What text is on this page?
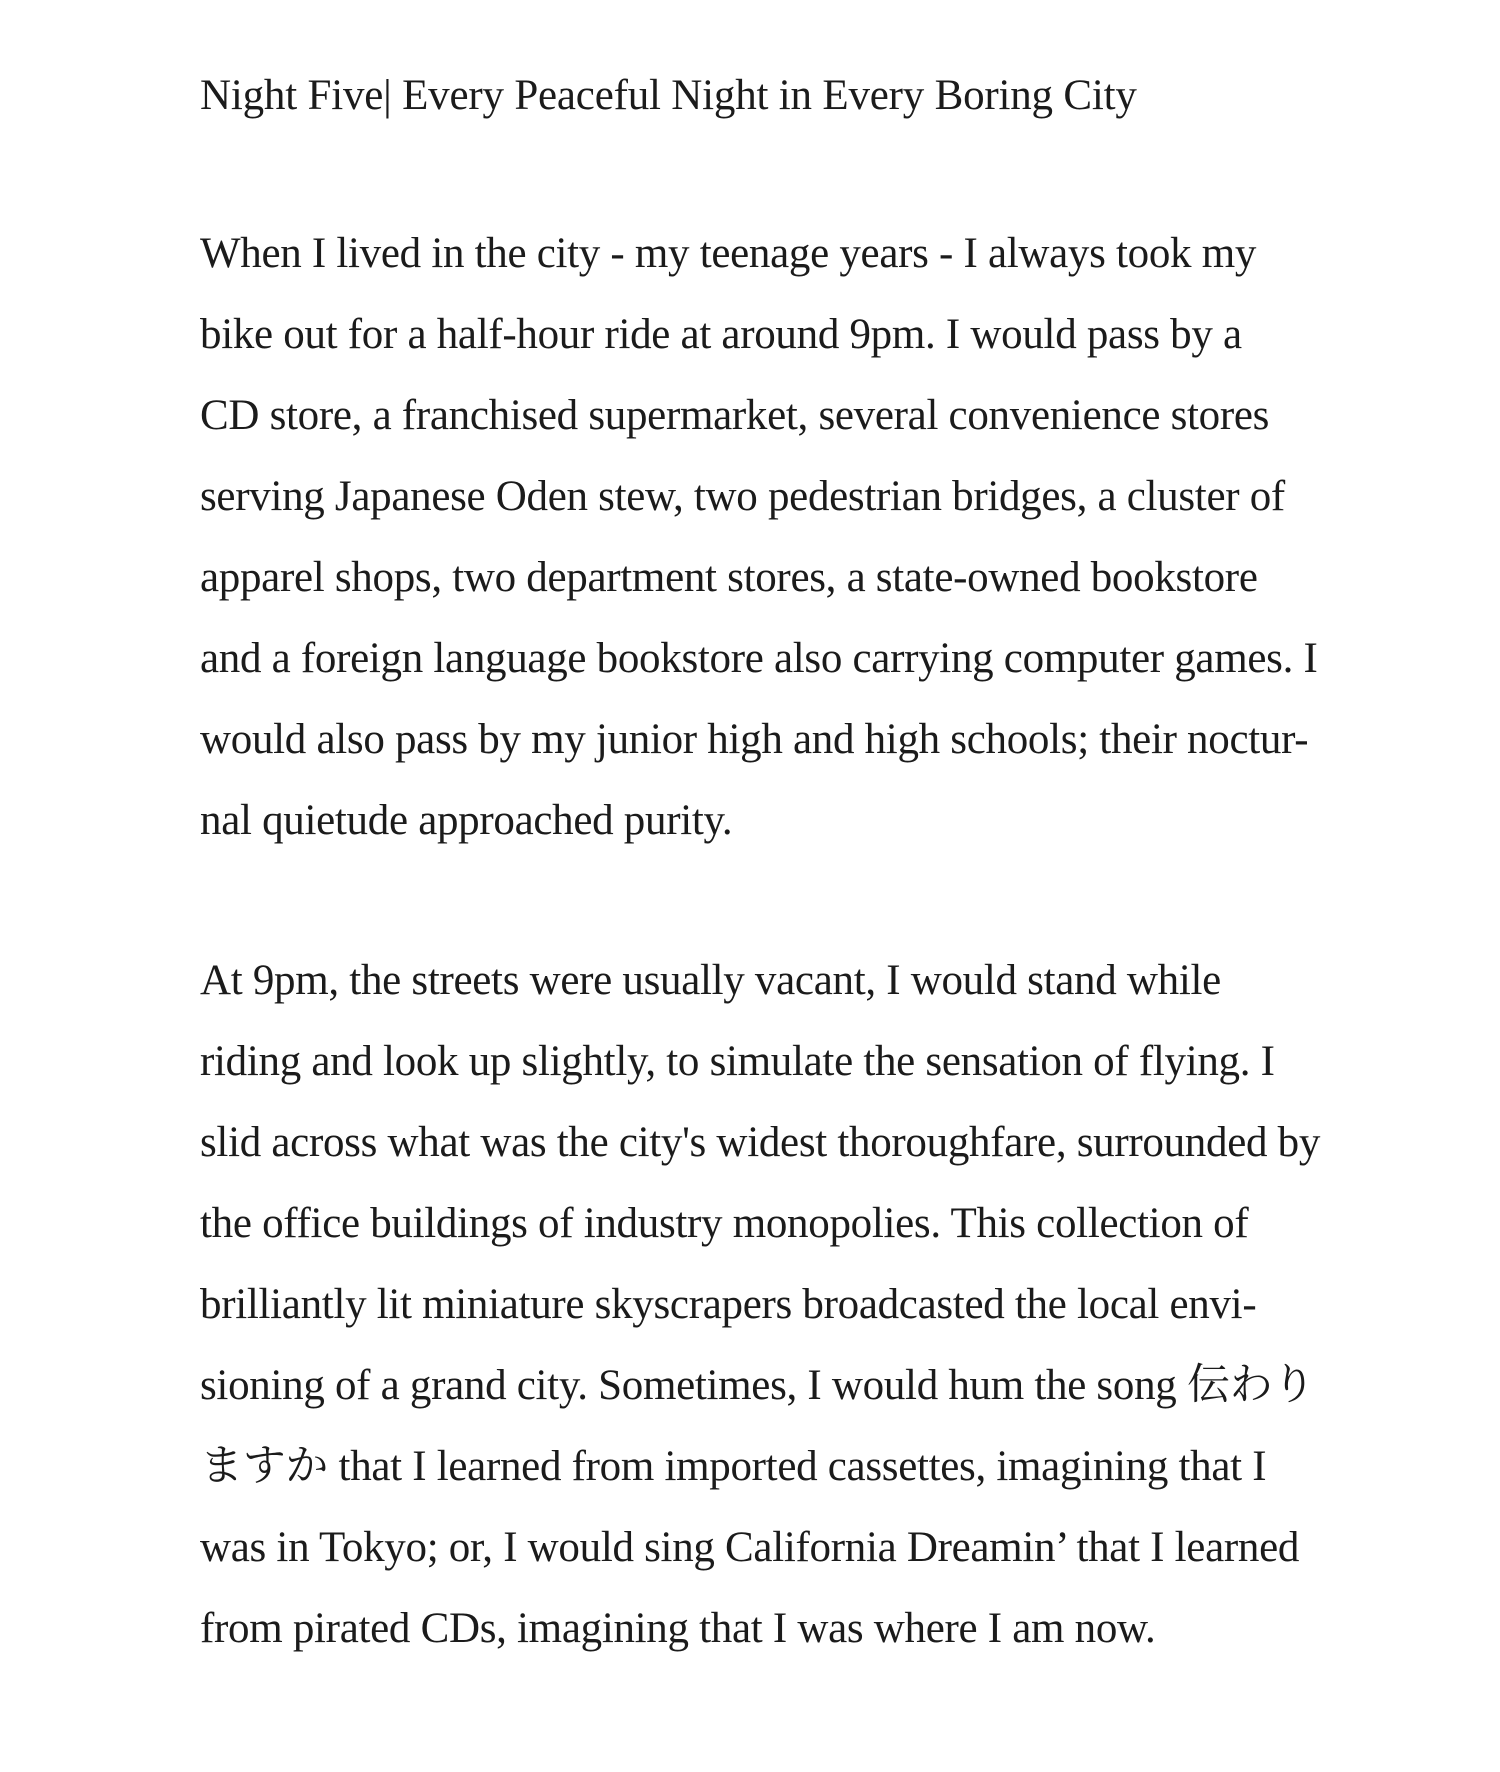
Night Five| Every Peaceful Night in Every Boring City
When I lived in the city - my teenage years - I always took my
bike out for a half-hour ride at around 9pm. I would pass by a
CD store, a franchised supermarket, several convenience stores
serving Japanese Oden stew, two pedestrian bridges, a cluster of
apparel shops, two department stores, a state-owned bookstore
and a foreign language bookstore also carrying computer games. I
would also pass by my junior high and high schools; their noctur-
nal quietude approached purity.
At 9pm, the streets were usually vacant, I would stand while
riding and look up slightly, to simulate the sensation of flying. I
slid across what was the city's widest thoroughfare, surrounded by
the office buildings of industry monopolies. This collection of
brilliantly lit miniature skyscrapers broadcasted the local envi-
sioning of a grand city. Sometimes, I would hum the song 伝わり
ますか that I learned from imported cassettes, imagining that I
was in Tokyo; or, I would sing California Dreamin’ that I learned
from pirated CDs, imagining that I was where I am now.
